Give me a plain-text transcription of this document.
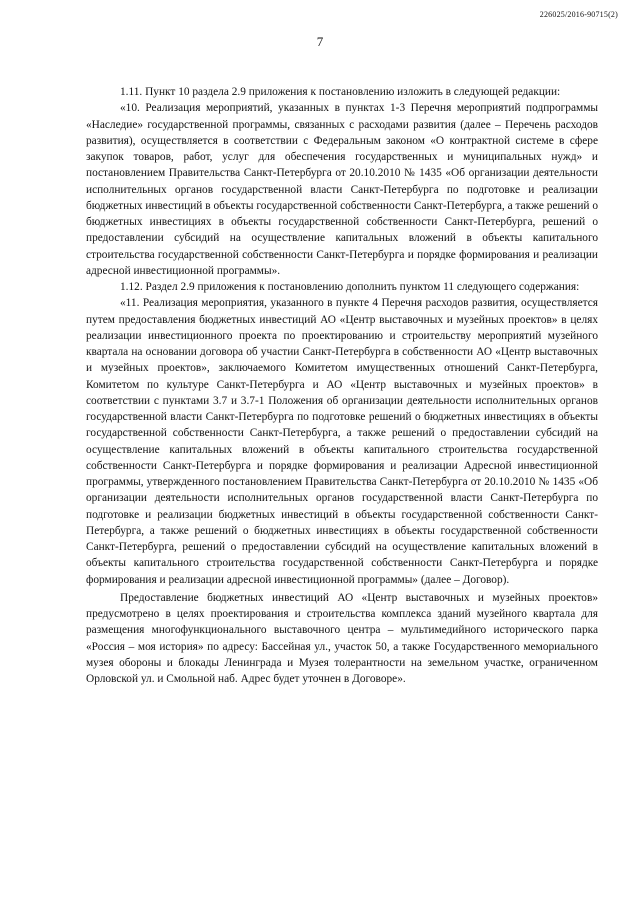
226025/2016-90715(2)
7

1.11. Пункт 10 раздела 2.9 приложения к постановлению изложить в следующей редакции:

«10. Реализация мероприятий, указанных в пунктах 1-3 Перечня мероприятий подпрограммы «Наследие» государственной программы, связанных с расходами развития (далее – Перечень расходов развития), осуществляется в соответствии с Федеральным законом «О контрактной системе в сфере закупок товаров, работ, услуг для обеспечения государственных и муниципальных нужд» и постановлением Правительства Санкт-Петербурга от 20.10.2010 № 1435 «Об организации деятельности исполнительных органов государственной власти Санкт-Петербурга по подготовке и реализации бюджетных инвестиций в объекты государственной собственности Санкт-Петербурга, а также решений о бюджетных инвестициях в объекты государственной собственности Санкт-Петербурга, решений о предоставлении субсидий на осуществление капитальных вложений в объекты капитального строительства государственной собственности Санкт-Петербурга и порядке формирования и реализации адресной инвестиционной программы».

1.12. Раздел 2.9 приложения к постановлению дополнить пунктом 11 следующего содержания:

«11. Реализация мероприятия, указанного в пункте 4 Перечня расходов развития, осуществляется путем предоставления бюджетных инвестиций АО «Центр выставочных и музейных проектов» в целях реализации инвестиционного проекта по проектированию и строительству мероприятий музейного квартала на основании договора об участии Санкт-Петербурга в собственности АО «Центр выставочных и музейных проектов», заключаемого Комитетом имущественных отношений Санкт-Петербурга, Комитетом по культуре Санкт-Петербурга и АО «Центр выставочных и музейных проектов» в соответствии с пунктами 3.7 и 3.7-1 Положения об организации деятельности исполнительных органов государственной власти Санкт-Петербурга по подготовке решений о бюджетных инвестициях в объекты государственной собственности Санкт-Петербурга, а также решений о предоставлении субсидий на осуществление капитальных вложений в объекты капитального строительства государственной собственности Санкт-Петербурга и порядке формирования и реализации Адресной инвестиционной программы, утвержденного постановлением Правительства Санкт-Петербурга от 20.10.2010 № 1435 «Об организации деятельности исполнительных органов государственной власти Санкт-Петербурга по подготовке и реализации бюджетных инвестиций в объекты государственной собственности Санкт-Петербурга, а также решений о бюджетных инвестициях в объекты государственной собственности Санкт-Петербурга, решений о предоставлении субсидий на осуществление капитальных вложений в объекты капитального строительства государственной собственности Санкт-Петербурга и порядке формирования и реализации адресной инвестиционной программы» (далее – Договор).

Предоставление бюджетных инвестиций АО «Центр выставочных и музейных проектов» предусмотрено в целях проектирования и строительства комплекса зданий музейного квартала для размещения многофункционального выставочного центра – мультимедийного исторического парка «Россия – моя история» по адресу: Бассейная ул., участок 50, а также Государственного мемориального музея обороны и блокады Ленинграда и Музея толерантности на земельном участке, ограниченном Орловской ул. и Смольной наб. Адрес будет уточнен в Договоре».
